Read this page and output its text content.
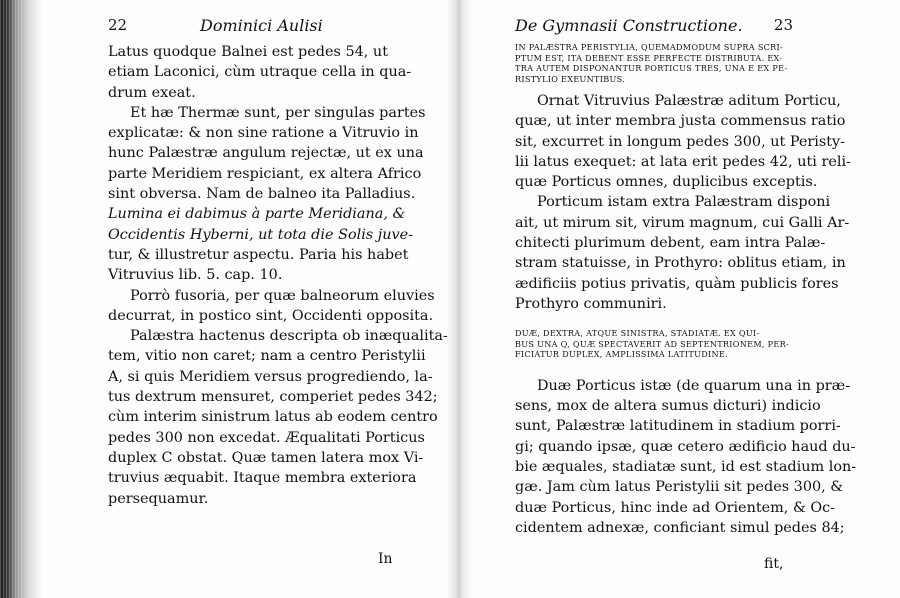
22	Dominici Aulisi

Latus quodque Balnei est pedes 54, ut
etiam Laconici, cùm utraque cella in qua-
drum exeat.

Et hæ Thermæ sunt, per singulas partes
explicatæ: & non sine ratione a Vitruvio in
hunc Palæstræ angulum rejectæ, ut ex una
parte Meridiem respiciant, ex altera Africo
sint obversa. Nam de balneo ita Palladius.
Lumina ei dabimus à parte Meridiana, &
Occidentis Hyberni, ut tota die Solis juve-
tur, & illustretur aspectu. Paria his habet
Vitruvius lib. 5. cap. 10.

Porrò fusoria, per quæ balneorum eluvies
decurrat, in postico sint, Occidenti opposita.

Palæstra hactenus descripta ob inæqualita-
tem, vitio non caret; nam a centro Peristylii
A, si quis Meridiem versus progrediendo, la-
tus dextrum mensuret, comperiet pedes 342;
cùm interim sinistrum latus ab eodem centro
pedes 300 non excedat. Æqualitati Porticus
duplex C obstat. Quæ tamen latera mox Vi-
truvius æquabit. Itaque membra exteriora
persequamur.

In
De Gymnasii Constructione. 23

IN PALÆSTRA PERISTYLIA, QUEMADMODUM SUPRA SCRI-
PTUM EST, ITA DEBENT ESSE PERFECTE DISTRIBUTA. EX-
TRA AUTEM DISPONANTUR PORTICUS TRES, UNA E EX PE-
RISTYLIO EXEUNTIBUS.

Ornat Vitruvius Palæstræ aditum Porticu,
quæ, ut inter membra justa commensus ratio
sit, excurret in longum pedes 300, ut Peristy-
lii latus exequet: at lata erit pedes 42, uti reli-
quæ Porticus omnes, duplicibus exceptis.

Porticum istam extra Palæstram disponi
ait, ut mirum sit, virum magnum, cui Galli Ar-
chitecti plurimum debent, eam intra Palæ-
stram statuisse, in Prothyro: oblitus etiam, in
ædificiis potius privatis, quàm publicis fores
Prothyro communiri.

DUÆ, DEXTRA, ATQUE SINISTRA, STADIATÆ. EX QUI-
BUS UNA Q, QUÆ SPECTAVERIT AD SEPTENTRIONEM, PER-
FICIATUR DUPLEX, AMPLISSIMA LATITUDINE.

Duæ Porticus istæ (de quarum una in præ-
sens, mox de altera sumus dicturi) indicio
sunt, Palæstræ latitudinem in stadium porri-
gi; quando ipsæ, quæ cetero ædificio haud du-
bie æquales, stadiatæ sunt, id est stadium lon-
gæ. Jam cùm latus Peristylii sit pedes 300, &
duæ Porticus, hinc inde ad Orientem, & Oc-
cidentem adnexæ, conficiant simul pedes 84;

fit,
